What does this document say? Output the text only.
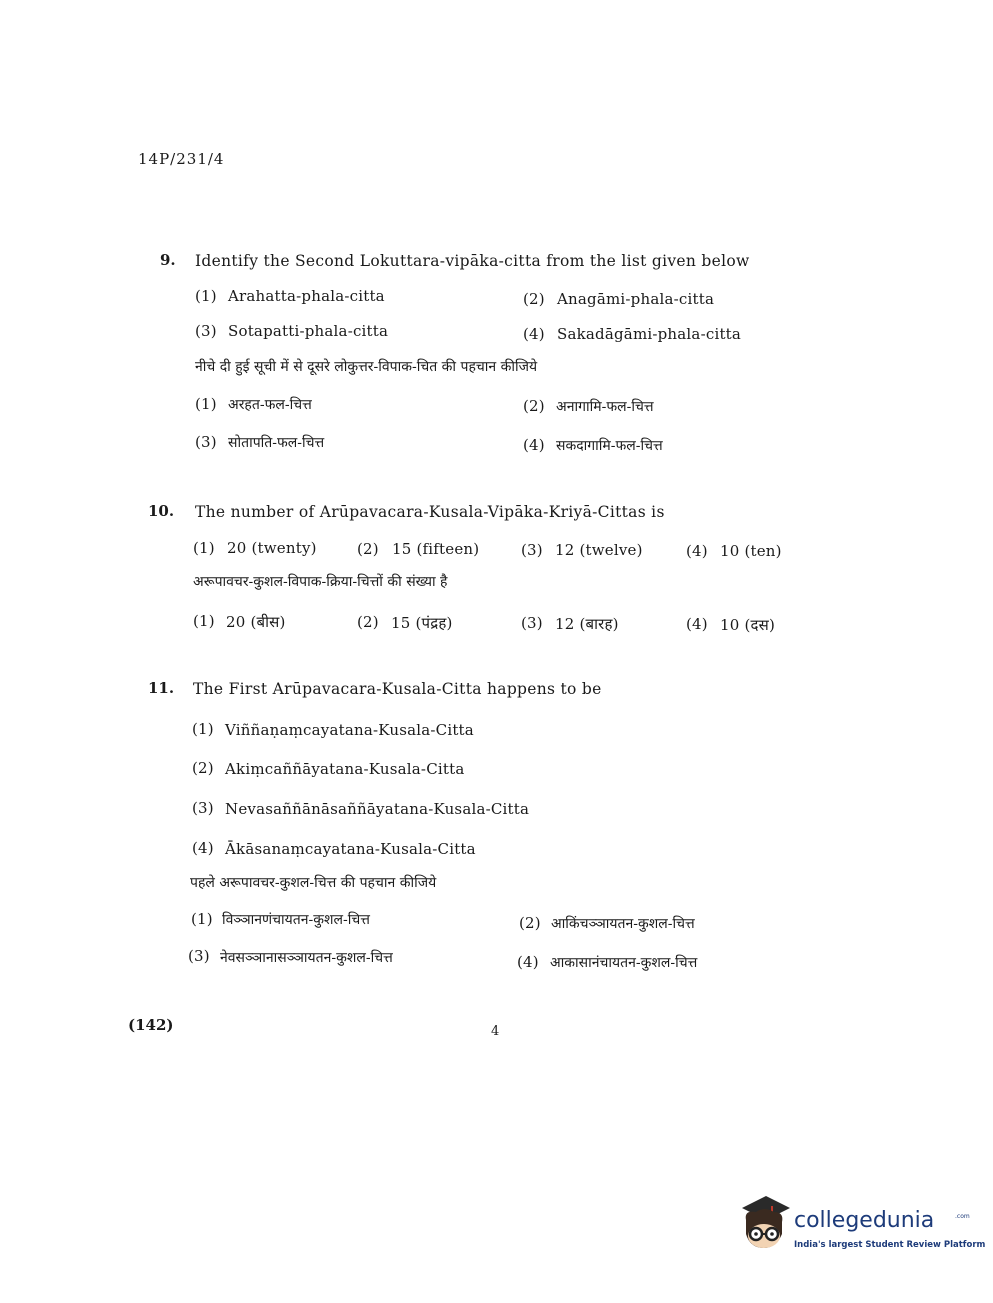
14P/231/4
9. Identify the Second Lokuttara-vipāka-citta from the list given below
(1) Arahatta-phala-citta	(2) Anagāmi-phala-citta
(3) Sotapatti-phala-citta	(4) Sakadāgāmi-phala-citta
नीचे दी हुई सूची में से दूसरे लोकुत्तर-विपाक-चित की पहचान कीजिये
(1) अरहत-फल-चित्त	(2) अनागामि-फल-चित्त
(3) सोतापति-फल-चित्त	(4) सकदागामि-फल-चित्त
10. The number of Arūpavacara-Kusala-Vipāka-Kriyā-Cittas is
(1) 20 (twenty)	(2) 15 (fifteen)	(3) 12 (twelve)	(4) 10 (ten)
अरूपावचर-कुशल-विपाक-क्रिया-चित्तों की संख्या है
(1) 20 (बीस)	(2) 15 (पंद्रह)	(3) 12 (बारह)	(4) 10 (दस)
11. The First Arūpavacara-Kusala-Citta happens to be
(1) Viññaṇaṃcayatana-Kusala-Citta
(2) Akiṃcaññāyatana-Kusala-Citta
(3) Nevasaññānāsaññāyatana-Kusala-Citta
(4) Ākāsanaṃcayatana-Kusala-Citta
पहले अरूपावचर-कुशल-चित्त की पहचान कीजिये
(1) विञ्ञानणंचायतन-कुशल-चित्त	(2) आकिंचञ्ञायतन-कुशल-चित्त
(3) नेवसञ्ञानासञ्ञायतन-कुशल-चित्त	(4) आकासानंचायतन-कुशल-चित्त
(142)	4
collegedunia	.com
India's largest Student Review Platform
